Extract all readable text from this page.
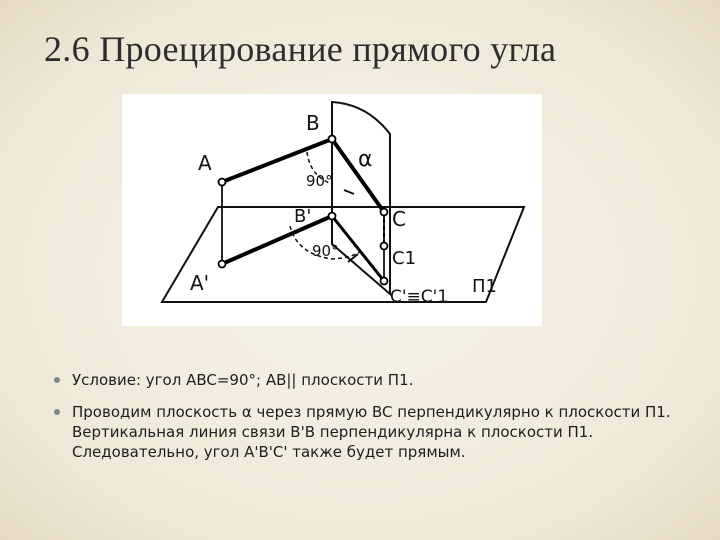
2.6 Проецирование прямого угла
A
A'
B
B'	C
C1
C'≡C'1
90°
90°
α
П1
Условие: угол ABC=90°; AB|| плоскости П1.
Проводим плоскость α через прямую BC перпендикулярно к плоскости П1. Вертикальная линия связи B'B перпендикулярна к плоскости П1. Следовательно, угол A'B'C' также будет прямым.
